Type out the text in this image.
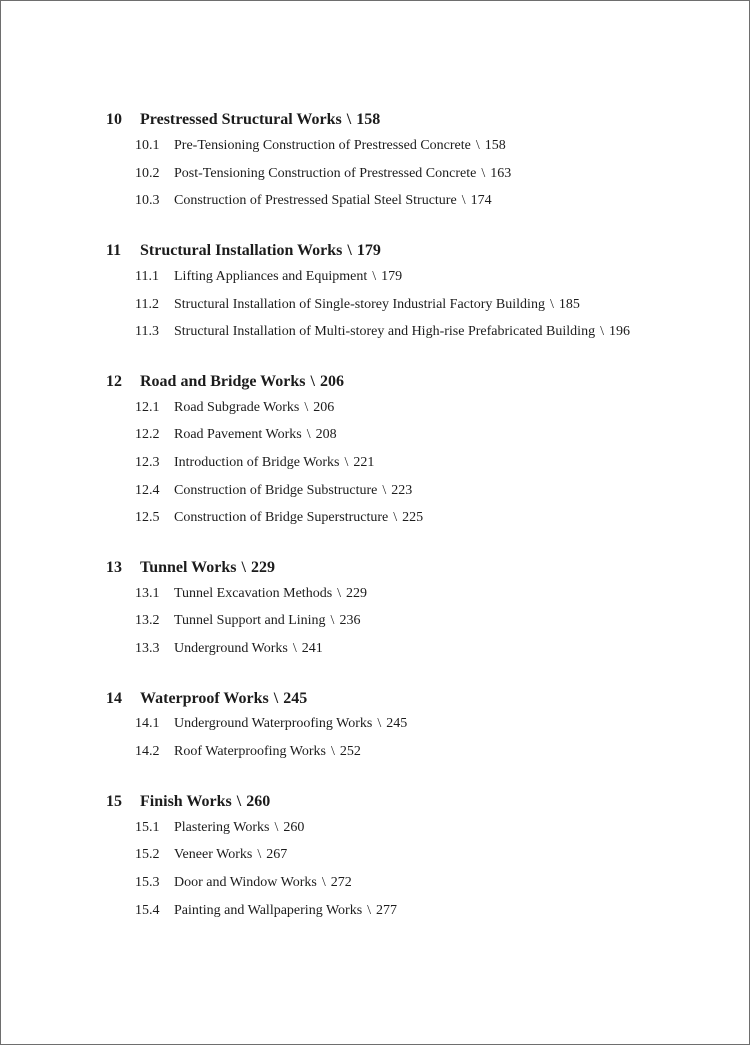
10 Prestressed Structural Works \ 158
10.1 Pre-Tensioning Construction of Prestressed Concrete \ 158
10.2 Post-Tensioning Construction of Prestressed Concrete \ 163
10.3 Construction of Prestressed Spatial Steel Structure \ 174
11 Structural Installation Works \ 179
11.1 Lifting Appliances and Equipment \ 179
11.2 Structural Installation of Single-storey Industrial Factory Building \ 185
11.3 Structural Installation of Multi-storey and High-rise Prefabricated Building \ 196
12 Road and Bridge Works \ 206
12.1 Road Subgrade Works \ 206
12.2 Road Pavement Works \ 208
12.3 Introduction of Bridge Works \ 221
12.4 Construction of Bridge Substructure \ 223
12.5 Construction of Bridge Superstructure \ 225
13 Tunnel Works \ 229
13.1 Tunnel Excavation Methods \ 229
13.2 Tunnel Support and Lining \ 236
13.3 Underground Works \ 241
14 Waterproof Works \ 245
14.1 Underground Waterproofing Works \ 245
14.2 Roof Waterproofing Works \ 252
15 Finish Works \ 260
15.1 Plastering Works \ 260
15.2 Veneer Works \ 267
15.3 Door and Window Works \ 272
15.4 Painting and Wallpapering Works \ 277
